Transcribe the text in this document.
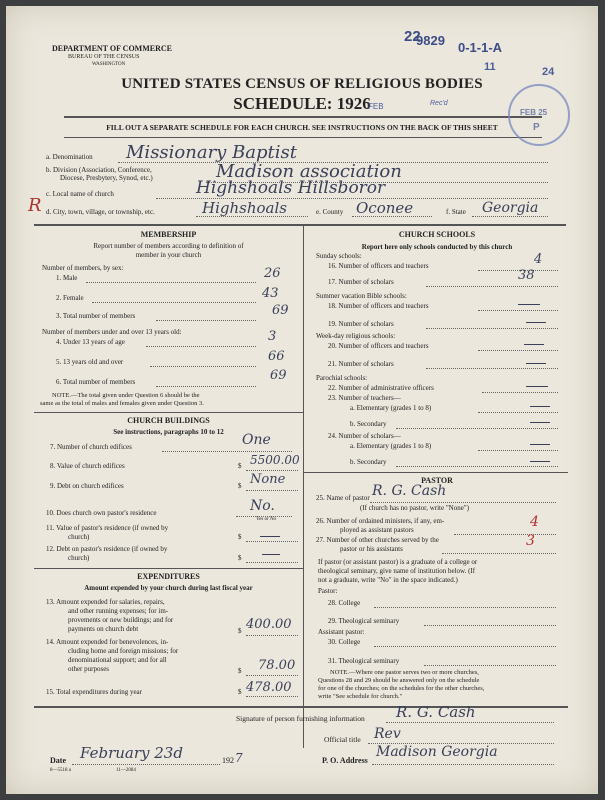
DEPARTMENT OF COMMERCE
BUREAU OF THE CENSUS
WASHINGTON
UNITED STATES CENSUS OF RELIGIOUS BODIES
SCHEDULE: 1926
FILL OUT A SEPARATE SCHEDULE FOR EACH CHURCH. SEE INSTRUCTIONS ON THE BACK OF THIS SHEET
22
9829 0-1-1-A
11	24
FEB	Rec'd
FEB 25
P
a. Denomination Missionary Baptist
b. Division (Association, Conference,
Diocese, Presbytery, Synod, etc.)	Madison association
c. Local name of church	Highshoals Hillsboror
R d. City, town, village, or township, etc.	Highshoals	e. County Oconee	f. State Georgia
MEMBERSHIP
Report number of members according to definition of
member in your church
Number of members, by sex:
1. Male	26
2. Female	43
3. Total number of members	69
Number of members under and over 13 years old:
4. Under 13 years of age	3
5. 13 years old and over	66
6. Total number of members	69
NOTE.—The total given under Question 6 should be the
same as the total of males and females given under Question 3.
CHURCH BUILDINGS
See instructions, paragraphs 10 to 12
7. Number of church edifices	One
8. Value of church edifices	$ 5500.00
9. Debt on church edifices	$ None
10. Does church own pastor's residence	No.
Yes or No
11. Value of pastor's residence (if owned by
church)	$
12. Debt on pastor's residence (if owned by
church)	$
EXPENDITURES
Amount expended by your church during last fiscal year
13. Amount expended for salaries, repairs,
and other running expenses; for im-
provements or new buildings; and for
payments on church debt	$ 400.00
14. Amount expended for benevolences, in-
cluding home and foreign missions; for
denominational support; and for all
other purposes	$ 78.00
15. Total expenditures during year	$ 478.00
CHURCH SCHOOLS
Report here only schools conducted by this church
Sunday schools:
16. Number of officers and teachers	4
17. Number of scholars	38
Summer vacation Bible schools:
18. Number of officers and teachers
19. Number of scholars
Week-day religious schools:
20. Number of officers and teachers
21. Number of scholars
Parochial schools:
22. Number of administrative officers
23. Number of teachers—
a. Elementary (grades 1 to 8)
b. Secondary
24. Number of scholars—
a. Elementary (grades 1 to 8)
b. Secondary
PASTOR
25. Name of pastor R. G. Cash
(If church has no pastor, write "None")
26. Number of ordained ministers, if any, em-
ployed as assistant pastors	4
27. Number of other churches served by the
pastor or his assistants	3
If pastor (or assistant pastor) is a graduate of a college or
theological seminary, give name of institution below. (If
not a graduate, write "No" in the space indicated.)
Pastor:
28. College
29. Theological seminary
Assistant pastor:
30. College
31. Theological seminary
NOTE.—Where one pastor serves two or more churches,
Questions 28 and 29 should be answered only on the schedule
for one of the churches; on the schedules for the other churches,
write "See schedule for church."
Signature of person furnishing information R. G. Cash
Official title Rev
Date February 23d	192 7	P. O. Address
Madison Georgia
8—5518 a	11—2084
